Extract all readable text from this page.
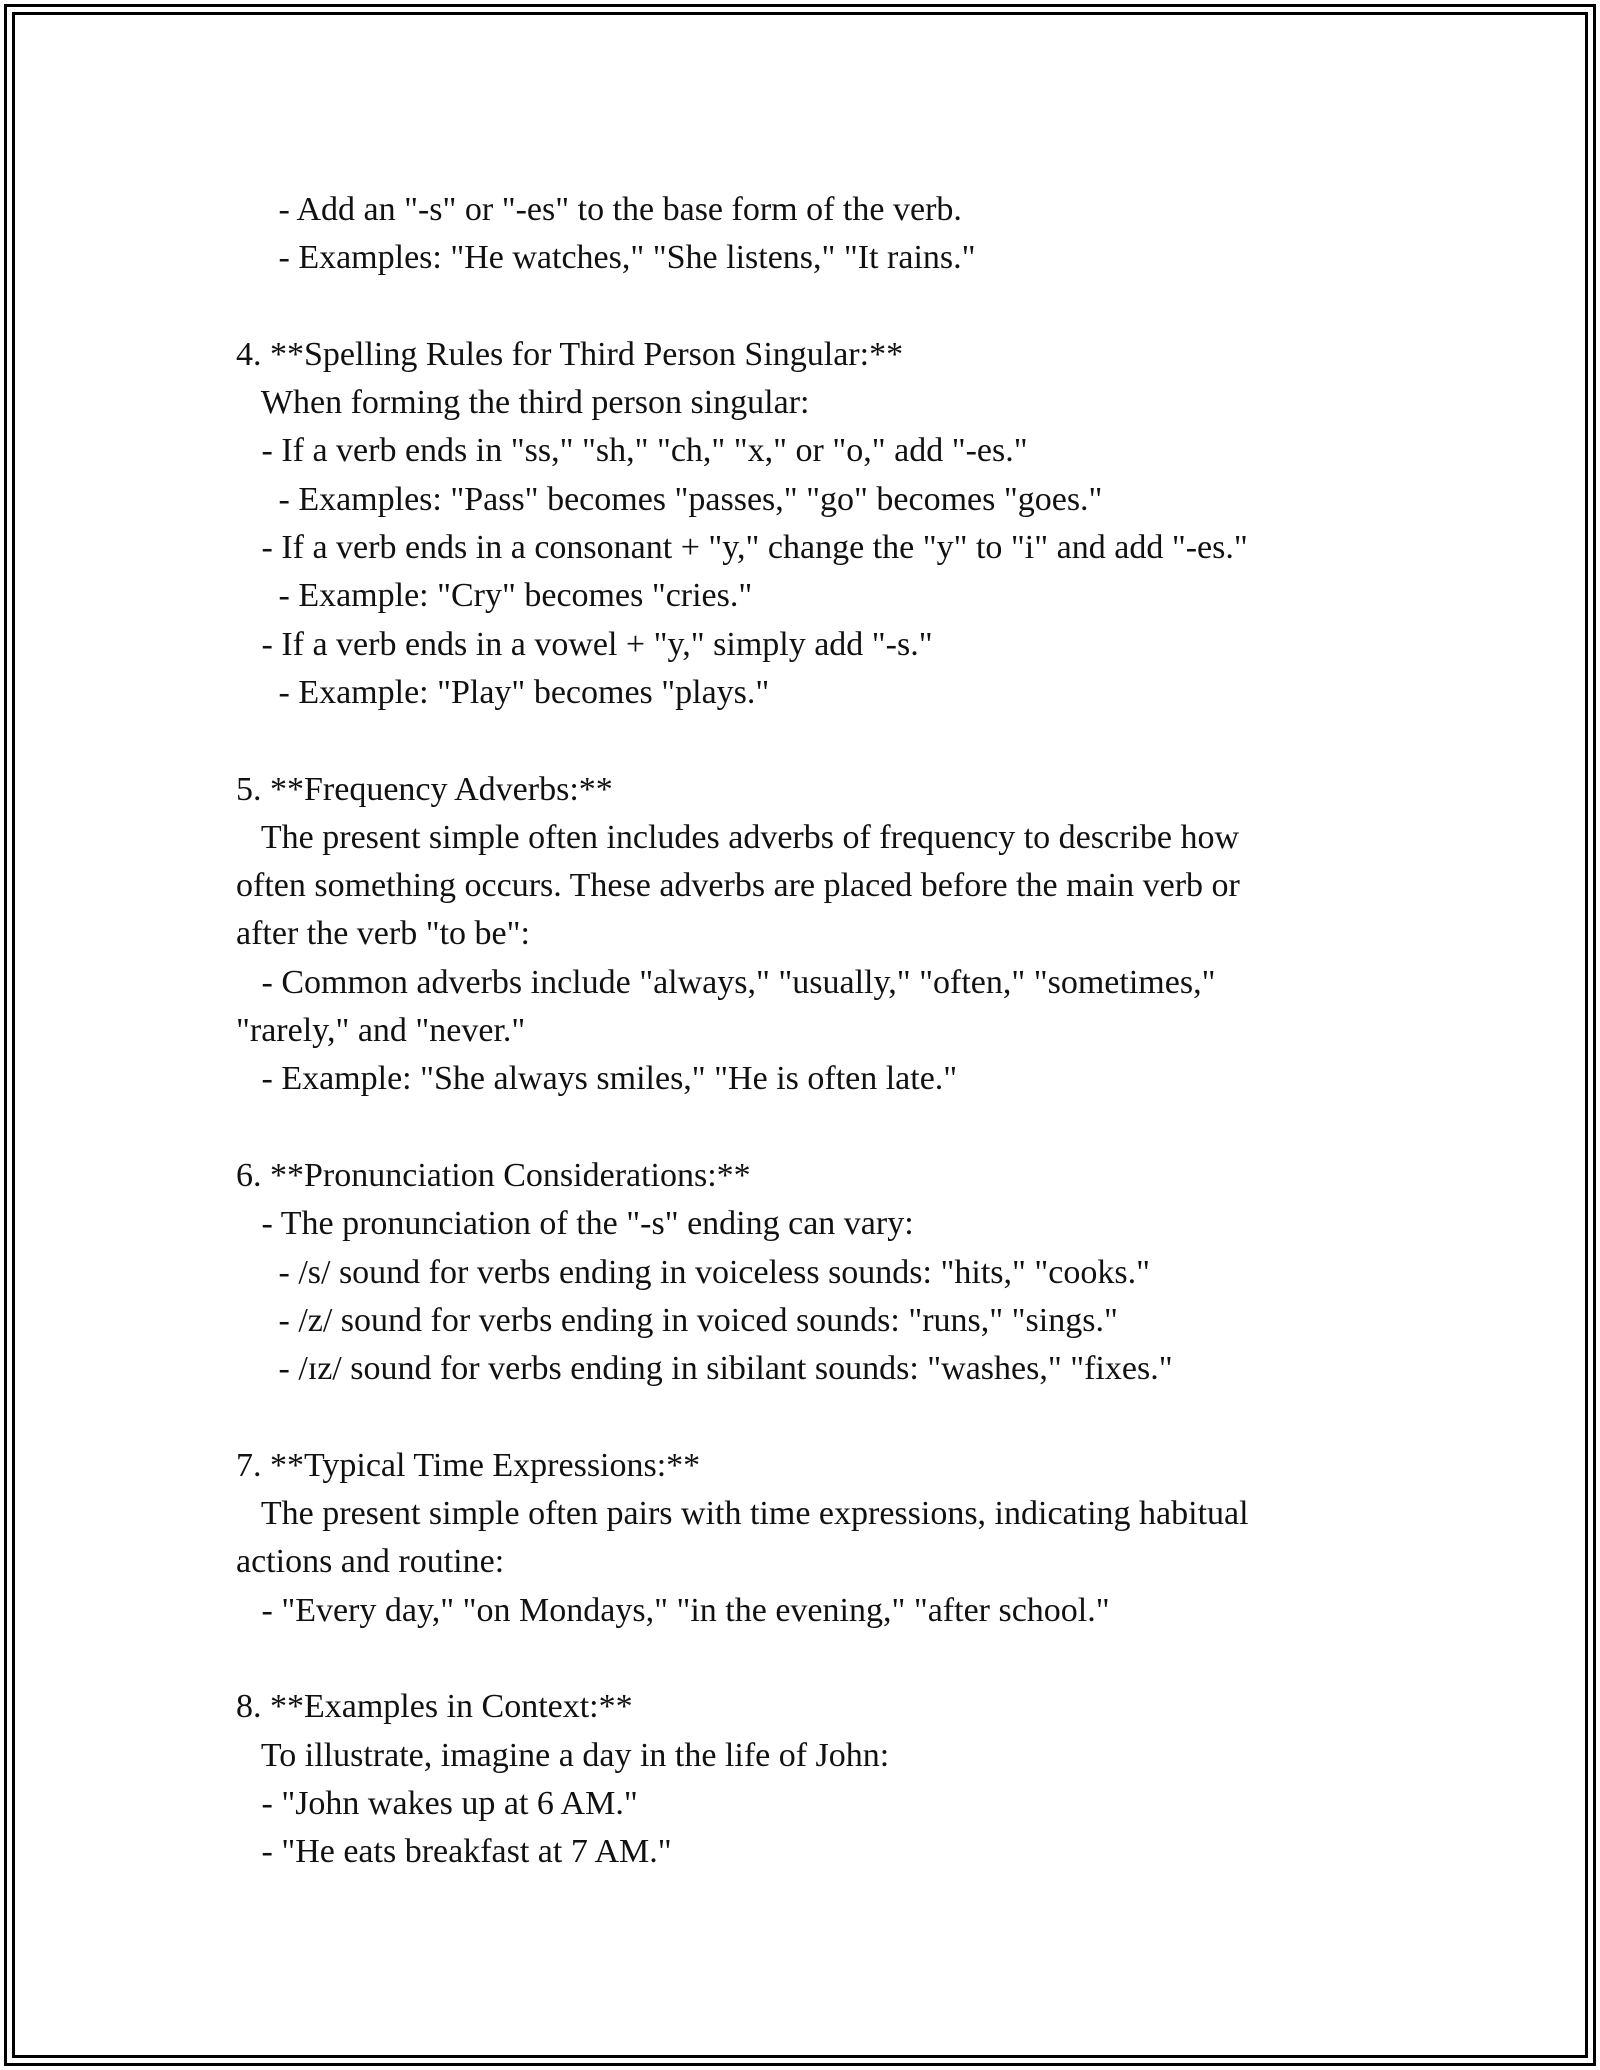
- Add an "-s" or "-es" to the base form of the verb.
- Examples: "He watches," "She listens," "It rains."
4. **Spelling Rules for Third Person Singular:**
When forming the third person singular:
- If a verb ends in "ss," "sh," "ch," "x," or "o," add "-es."
- Examples: "Pass" becomes "passes," "go" becomes "goes."
- If a verb ends in a consonant + "y," change the "y" to "i" and add "-es."
- Example: "Cry" becomes "cries."
- If a verb ends in a vowel + "y," simply add "-s."
- Example: "Play" becomes "plays."
5. **Frequency Adverbs:**
The present simple often includes adverbs of frequency to describe how
often something occurs. These adverbs are placed before the main verb or
after the verb "to be":
- Common adverbs include "always," "usually," "often," "sometimes,"
"rarely," and "never."
- Example: "She always smiles," "He is often late."
6. **Pronunciation Considerations:**
- The pronunciation of the "-s" ending can vary:
- /s/ sound for verbs ending in voiceless sounds: "hits," "cooks."
- /z/ sound for verbs ending in voiced sounds: "runs," "sings."
- /ɪz/ sound for verbs ending in sibilant sounds: "washes," "fixes."
7. **Typical Time Expressions:**
The present simple often pairs with time expressions, indicating habitual
actions and routine:
- "Every day," "on Mondays," "in the evening," "after school."
8. **Examples in Context:**
To illustrate, imagine a day in the life of John:
- "John wakes up at 6 AM."
- "He eats breakfast at 7 AM."
